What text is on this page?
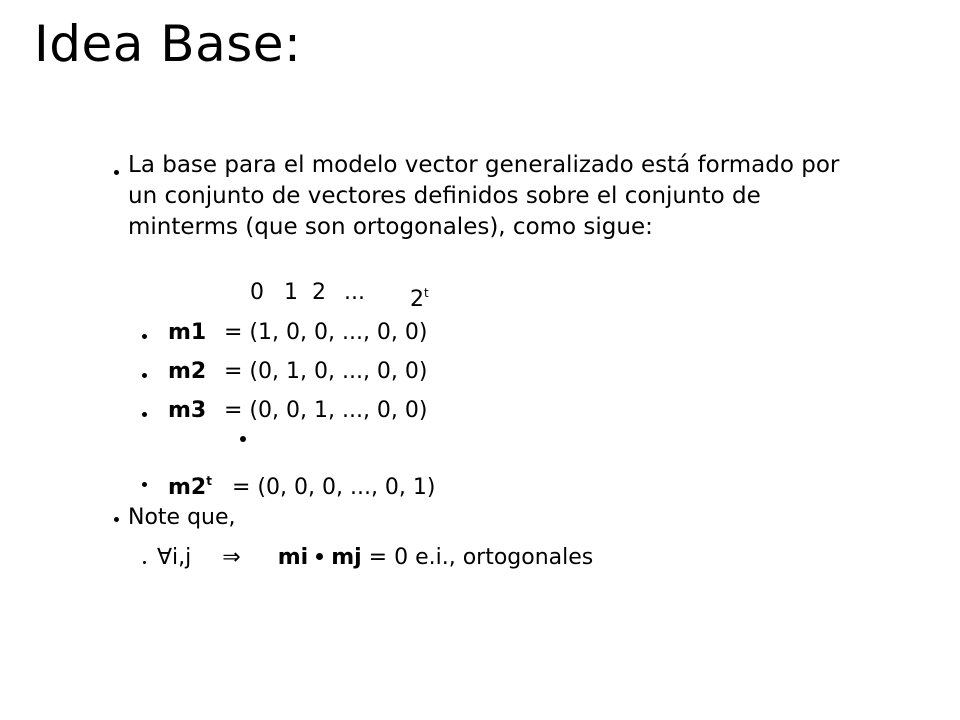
Idea Base:

La base para el modelo vector generalizado está formado por
un conjunto de vectores definidos sobre el conjunto de
minterms (que son ortogonales), como sigue:

0 1 2 ... 2$^t$
m1 = (1, 0, 0, ..., 0, 0)
m2 = (0, 1, 0, ..., 0, 0)
m3 = (0, 0, 1, ..., 0, 0)
$m2^t = (0$, 0, 0, ..., 0, 1)
Note que,
∀i,j ⇒ mi mj = 0 e.i., ortogonales
